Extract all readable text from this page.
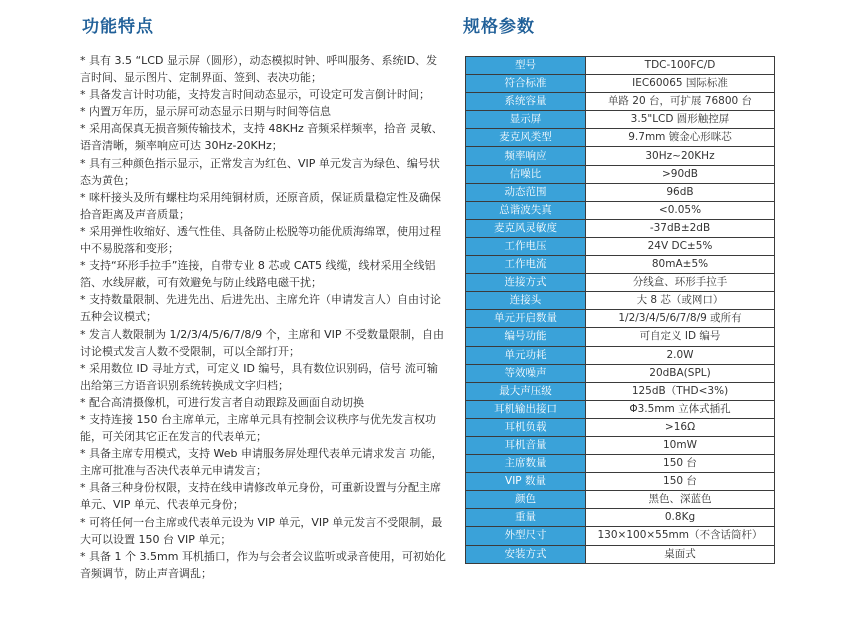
功能特点	规格参数

* 具有 3.5 “LCD 显示屏（圆形），动态模拟时钟、呼叫服务、系统ID、发言时间、显示图片、定制界面、签到、表决功能；

* 具备发言计时功能，支持发言时间动态显示，可设定可发言倒计时间；

* 内置万年历，显示屏可动态显示日期与时间等信息

* 采用高保真无损音频传输技术，支持 48KHz 音频采样频率，拾音 灵敏、语音清晰，频率响应可达 30Hz-20KHz；

* 具有三种颜色指示显示，正常发言为红色、VIP 单元发言为绿色、编号状态为黄色；

* 咪杆接头及所有螺柱均采用纯铜材质，还原音质，保证质量稳定性及确保拾音距离及声音质量；

* 采用弹性收缩好、透气性佳、具备防止松脱等功能优质海绵罩，使用过程中不易脱落和变形；

* 支持“环形手拉手”连接，自带专业 8 芯或 CAT5 线缆，线材采用全线铝箔、水线屏蔽，可有效避免与防止线路电磁干扰；

* 支持数量限制、先进先出、后进先出、主席允许（申请发言人）自由讨论五种会议模式；

* 发言人数限制为 1/2/3/4/5/6/7/8/9 个，主席和 VIP 不受数量限制，自由讨论模式发言人数不受限制，可以全部打开；

* 采用数位 ID 寻址方式，可定义 ID 编号，具有数位识别码，信号 流可输出给第三方语音识别系统转换成文字归档；

* 配合高清摄像机，可进行发言者自动跟踪及画面自动切换

* 支持连接 150 台主席单元，主席单元具有控制会议秩序与优先发言权功能，可关闭其它正在发言的代表单元；

* 具备主席专用模式，支持 Web 申请服务屏处理代表单元请求发言 功能，主席可批准与否决代表单元申请发言；

* 具备三种身份权限，支持在线申请修改单元身份，可重新设置与分配主席单元、VIP 单元、代表单元身份；

* 可将任何一台主席或代表单元设为 VIP 单元，VIP 单元发言不受限制，最大可以设置 150 台 VIP 单元；

* 具备 1 个 3.5mm 耳机插口，作为与会者会议监听或录音使用，可初始化音频调节，防止声音调乱；

型号	TDC-100FC/D
符合标准	IEC60065 国际标准
系统容量	单路 20 台，可扩展 76800 台
显示屏	3.5"LCD 圆形触控屏
麦克风类型	9.7mm 镀金心形咪芯
频率响应	30Hz~20KHz
信噪比	>90dB
动态范围	96dB
总谐波失真	<0.05%
麦克风灵敏度	-37dB±2dB
工作电压	24V DC±5%
工作电流	80mA±5%
连接方式	分线盒、环形手拉手
连接头	大 8 芯（或网口）
单元开启数量	1/2/3/4/5/6/7/8/9 或所有
编号功能	可自定义 ID 编号
单元功耗	2.0W
等效噪声	20dBA(SPL)
最大声压级	125dB（THD<3%)
耳机输出接口	Φ3.5mm 立体式插孔
耳机负载	>16Ω
耳机音量	10mW
主席数量	150 台
VIP 数量	150 台
颜色	黑色、深蓝色
重量	0.8Kg
外型尺寸	130×100×55mm（不含话筒杆）
安装方式	桌面式
